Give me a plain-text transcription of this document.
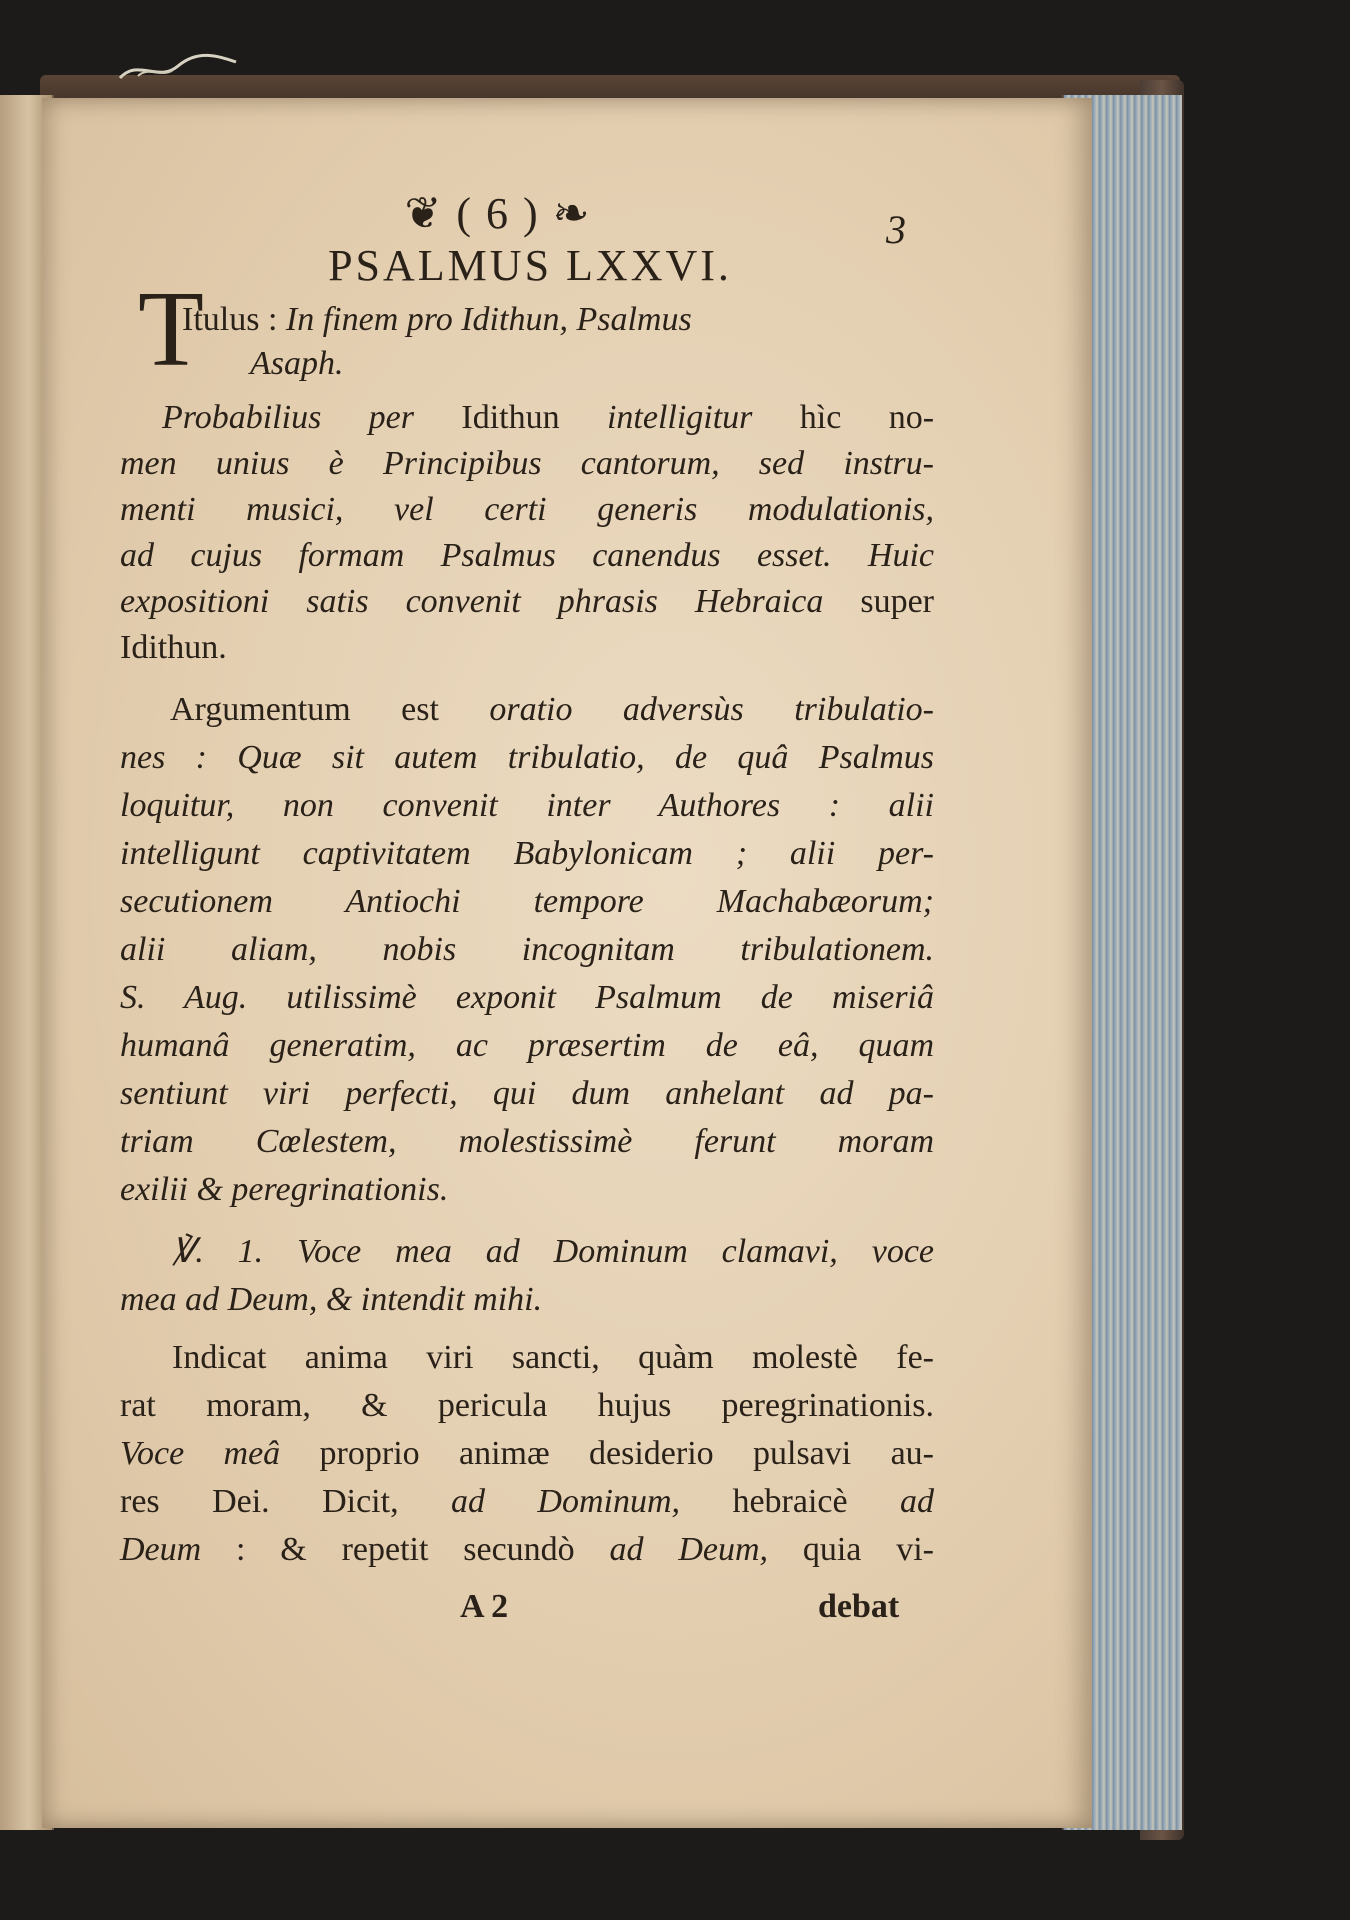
❦ ( 6 ) ❧	3
PSALMUS LXXVI.
T
Itulus : In finem pro Idithun, Psalmus
Asaph.
Probabilius per Idithun intelligitur hìc no-
men unius è Principibus cantorum, sed instru-
menti musici, vel certi generis modulationis,
ad cujus formam Psalmus canendus esset. Huic
expositioni satis convenit phrasis Hebraica super
Idithun.
Argumentum est oratio adversùs tribulatio-
nes : Quæ sit autem tribulatio, de quâ Psalmus
loquitur, non convenit inter Authores : alii
intelligunt captivitatem Babylonicam ; alii per-
secutionem Antiochi tempore Machabæorum;
alii aliam, nobis incognitam tribulationem.
S. Aug. utilissimè exponit Psalmum de miseriâ
humanâ generatim, ac præsertim de eâ, quam
sentiunt viri perfecti, qui dum anhelant ad pa-
triam Cœlestem, molestissimè ferunt moram
exilii & peregrinationis.
℣. 1. Voce mea ad Dominum clamavi, voce
mea ad Deum, & intendit mihi.
Indicat anima viri sancti, quàm molestè fe-
rat moram, & pericula hujus peregrinationis.
Voce meâ proprio animæ desiderio pulsavi au-
res Dei. Dicit, ad Dominum, hebraicè ad
Deum : & repetit secundò ad Deum, quia vi-
A 2	debat
